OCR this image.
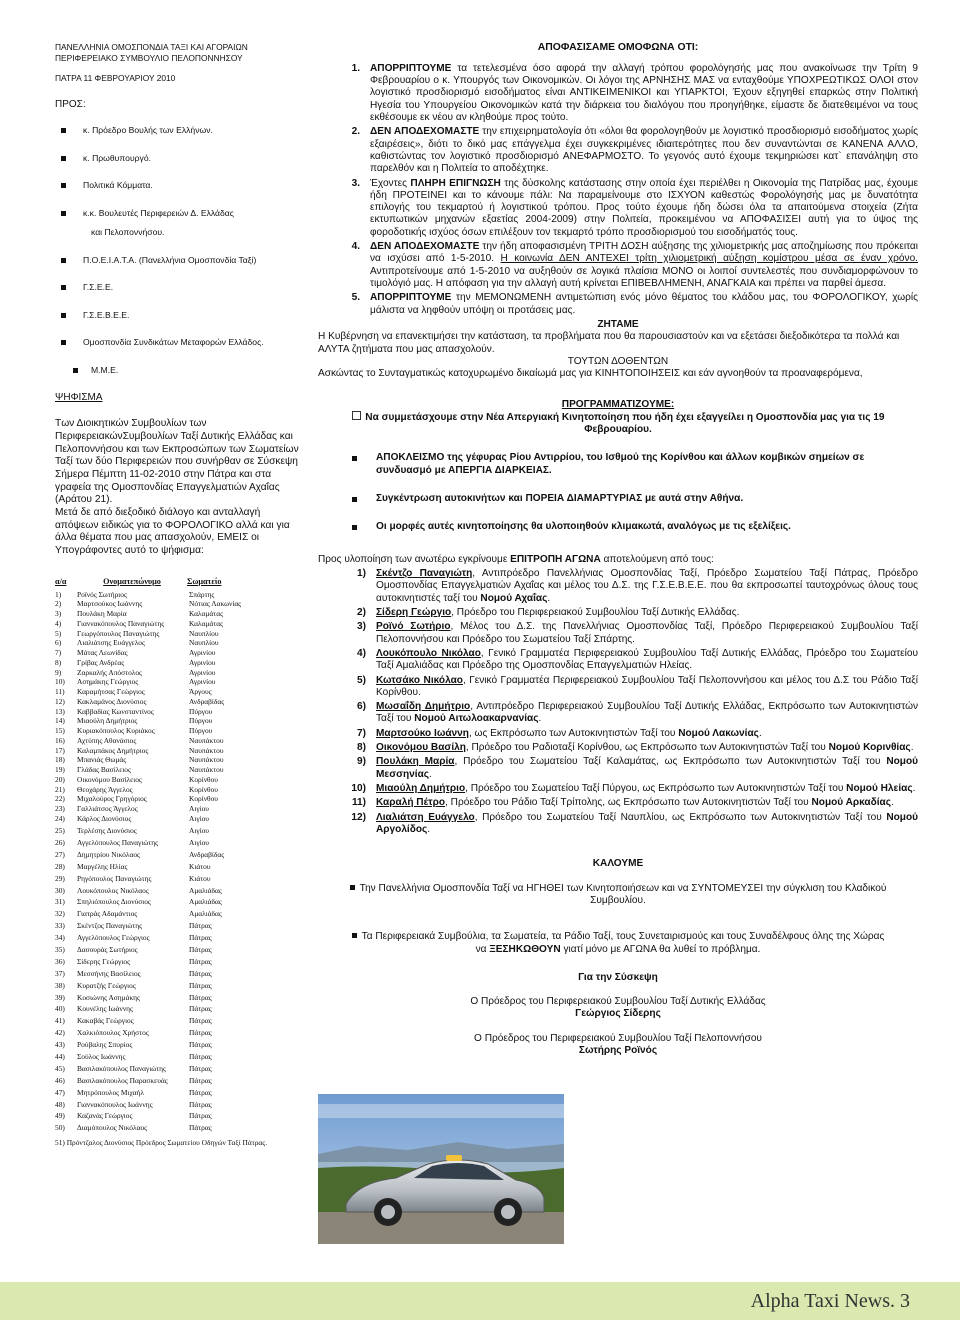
ΠΑΝΕΛΛΗΝΙΑ ΟΜΟΣΠΟΝΔΙΑ ΤΑΞΙ ΚΑΙ ΑΓΟΡΑΙΩΝ
ΠΕΡΙΦΕΡΕΙΑΚΟ ΣΥΜΒΟΥΛΙΟ ΠΕΛΟΠΟΝΝΗΣΟΥ
ΠΑΤΡΑ 11 ΦΕΒΡΟΥΑΡΙΟΥ 2010
ΠΡΟΣ:
κ. Πρόεδρο Βουλής των Ελλήνων.
κ. Πρωθυπουργό.
Πολιτικά Κόμματα.
κ.κ. Βουλευτές Περιφερειών Δ. Ελλάδας
και Πελοποννήσου.
Π.Ο.Ε.Ι.Α.Τ.Α. (Πανελλήνια Ομοσπονδία Ταξί)
Γ.Σ.Ε.Ε.
Γ.Σ.Ε.Β.Ε.Ε.
Ομοσπονδία Συνδικάτων Μεταφορών Ελλάδος.
Μ.Μ.Ε.
ΨΗΦΙΣΜΑ
Των Διοικητικών Συμβουλίων των ΠεριφερειακώνΣυμβουλίων Ταξί Δυτικής Ελλάδας και Πελοποννήσου και των Εκπροσώπων των Σωματείων Ταξί των δύο Περιφερειών που συνήρθαν σε Σύσκεψη Σήμερα Πέμπτη 11-02-2010 στην Πάτρα και στα γραφεία της Ομοσπονδίας Επαγγελματιών Αχαΐας (Αράτου 21).
Μετά δε από διεξοδικό διάλογο και ανταλλαγή απόψεων ειδικώς για το ΦΟΡΟΛΟΓΙΚΟ αλλά και για άλλα θέματα που μας απασχολούν, ΕΜΕΙΣ οι Υπογράφοντες αυτό το ψήφισμα:
α/α	Ονοματεπώνυμο	Σωματείο
1)	Ροϊνός Σωτήριος	Σπάρτης
2)	Μαρτσούκος Ιωάννης	Νότιας Λακωνίας
3)	Πουλάκη Μαρία	Καλαμάτας
4)	Γιαννακόπουλος Παναγιώτης	Καλαμάτας
5)	Γεωργόπουλος Παναγιώτης	Ναυπλίου
6)	Λιαλιάτσης Ευάγγελος	Ναυπλίου
7)	Μάτας Λεωνίδας	Αγρινίου
8)	Γρίβας Ανδρέας	Αγρινίου
9)	Ζαρκαλής Απόστολος	Αγρινίου
10)	Ασημάκης Γεώργιος	Αγρινίου
11)	Καραμήτσας Γεώργιος	Άργους
12)	Κακλαμάνος Διονύσιος	Ανδραβίδας
13)	Καββαδίας Κωνσταντίνος	Πύργου
14)	Μιαούλη Δημήτριος	Πύργου
15)	Κυριακόπουλος Κυριάκος	Πύργου
16)	Αχτύπης Αθανάσιος	Ναυπάκτου
17)	Καλαμπάκος Δημήτριος	Ναυπάκτου
18)	Μπανιάς Θωμάς	Ναυπάκτου
19)	Γλάδας Βασίλειος	Ναυπάκτου
20)	Οικονόμου Βασίλειος	Κορίνθου
21)	Θεοχάρης Άγγελος	Κορίνθου
22)	Μιχαλούρος Γρηγόριος	Κορίνθου
23)	Γαλλιάτσος Άγγελος	Αιγίου
24)	Κάρλος Διονύσιος	Αιγίου
25)	Τερλέσης Διονύσιος	Αιγίου
26)	Αγγελόπουλος Παναγιώτης	Αιγίου
27)	Δημητρίου Νικόλαος	Ανδραβίδας
28)	Μαργέλης Ηλίας	Κιάτου
29)	Ρηγόπουλος Παναγιώτης	Κιάτου
30)	Λουκόπουλος Νικόλαος	Αμαλιάδας
31)	Σπηλιόπουλος Διονύσιος	Αμαλιάδας
32)	Γιατράς Αδαμάντιος	Αμαλιάδας
33)	Σκέντζος Παναγιώτης	Πάτρας
34)	Αγγελόπουλος Γεώργιος	Πάτρας
35)	Δασουράς Σωτήριος	Πάτρας
36)	Σίδερης Γεώργιος	Πάτρας
37)	Μεσσήνης Βασίλειος	Πάτρας
38)	Κυρατζής Γεώργιος	Πάτρας
39)	Κοσιώνης Ασημάκης	Πάτρας
40)	Κουνέλης Ιωάννης	Πάτρας
41)	Κακαβάς Γεώργιος	Πάτρας
42)	Χαλκιόπουλος Χρήστος	Πάτρας
43)	Ρούβαλης Σπυρίος	Πάτρας
44)	Σούλος Ιωάννης	Πάτρας
45)	Βασιλακόπουλος Παναγιώτης	Πάτρας
46)	Βασιλακόπουλος Παρασκευάς	Πάτρας
47)	Μητρόπουλος Μιχαήλ	Πάτρας
48)	Γιαννακόπουλος Ιωάννης	Πάτρας
49)	Καζανάς Γεώργιος	Πάτρας
50)	Διαμόπουλος Νικόλαος	Πάτρας
51) Πρόντζαλος Διονύσιος Πρόεδρος Σωματείου Οδηγών Ταξί Πάτρας.
ΑΠΟΦΑΣΙΣΑΜΕ ΟΜΟΦΩΝΑ ΟΤΙ:
1. ΑΠΟΡΡΙΠΤΟΥΜΕ τα τετελεσμένα όσο αφορά την αλλαγή τρόπου φορολόγησής μας που ανακοίνωσε την Τρίτη 9 Φεβρουαρίου ο κ. Υπουργός των Οικονομικών. Οι λόγοι της ΑΡΝΗΣΗΣ ΜΑΣ να ενταχθούμε ΥΠΟΧΡΕΩΤΙΚΩΣ ΟΛΟΙ στον λογιστικό προσδιορισμό εισοδήματος είναι ΑΝΤΙΚΕΙΜΕΝΙΚΟΙ και ΥΠΑΡΚΤΟΙ, Έχουν εξηγηθεί επαρκώς στην Πολιτική Ηγεσία του Υπουργείου Οικονομικών κατά την διάρκεια του διαλόγου που προηγήθηκε, είμαστε δε διατεθειμένοι να τους εκθέσουμε εκ νέου αν κληθούμε προς τούτο.
2. ΔΕΝ ΑΠΟΔΕΧΟΜΑΣΤΕ την επιχειρηματολογία ότι «όλοι θα φορολογηθούν με λογιστικό προσδιορισμό εισοδήματος χωρίς εξαιρέσεις», διότι το δικό μας επάγγελμα έχει συγκεκριμένες ιδιαιτερότητες που δεν συναντώνται σε ΚΑΝΕΝΑ ΑΛΛΟ, καθιστώντας τον λογιστικό προσδιορισμό ΑΝΕΦΑΡΜΟΣΤΟ. Το γεγονός αυτό έχουμε τεκμηριώσει κατ` επανάληψη στο παρελθόν και η Πολιτεία το αποδέχτηκε.
3. Έχοντες ΠΛΗΡΗ ΕΠΙΓΝΩΣΗ της δύσκολης κατάστασης στην οποία έχει περιέλθει η Οικονομία της Πατρίδας μας, έχουμε ήδη ΠΡΟΤΕΙΝΕΙ και το κάνουμε πάλι: Να παραμείνουμε στο ΙΣΧΥΟΝ καθεστώς Φορολόγησής μας με δυνατότητα επιλογής του τεκμαρτού ή λογιστικού τρόπου. Προς τούτο έχουμε ήδη δώσει όλα τα απαιτούμενα στοιχεία (Ζήτα εκτυπωτικών μηχανών εξαετίας 2004-2009) στην Πολιτεία, προκειμένου να ΑΠΟΦΑΣΙΣΕΙ αυτή για το ύψος της φοροδοτικής ισχύος όσων επιλέξουν τον τεκμαρτό τρόπο προσδιορισμού του εισοδήματός τους.
4. ΔΕΝ ΑΠΟΔΕΧΟΜΑΣΤΕ την ήδη αποφασισμένη ΤΡΙΤΗ ΔΟΣΗ αύξησης της χιλιομετρικής μας αποζημίωσης που πρόκειται να ισχύσει από 1-5-2010. Η κοινωνία ΔΕΝ ΑΝΤΕΧΕΙ τρίτη χιλιομετρική αύξηση κομίστρου μέσα σε έναν χρόνο. Αντιπροτείνουμε από 1-5-2010 να αυξηθούν σε λογικά πλαίσια ΜΟΝΟ οι λοιποί συντελεστές που συνδιαμορφώνουν το τιμολόγιό μας. Η απόφαση για την αλλαγή αυτή κρίνεται ΕΠΙΒΕΒΛΗΜΕΝΗ, ΑΝΑΓΚΑΙΑ και πρέπει να παρθεί άμεσα.
5. ΑΠΟΡΡΙΠΤΟΥΜΕ την ΜΕΜΟΝΩΜΕΝΗ αντιμετώπιση ενός μόνο θέματος του κλάδου μας, του ΦΟΡΟΛΟΓΙΚΟΥ, χωρίς μάλιστα να ληφθούν υπόψη οι προτάσεις μας.
ΖΗΤΑΜΕ
Η Κυβέρνηση να επανεκτιμήσει την κατάσταση, τα προβλήματα που θα παρουσιαστούν και να εξετάσει διεξοδικότερα τα πολλά και ΑΛΥΤΑ ζητήματα που μας απασχολούν.
ΤΟΥΤΩΝ ΔΟΘΕΝΤΩΝ
Ασκώντας το Συνταγματικώς κατοχυρωμένο δικαίωμά μας για ΚΙΝΗΤΟΠΟΙΗΣΕΙΣ και εάν αγνοηθούν τα προαναφερόμενα,
ΠΡΟΓΡΑΜΜΑΤΙΖΟΥΜΕ:
Να συμμετάσχουμε στην Νέα Απεργιακή Κινητοποίηση που ήδη έχει εξαγγείλει η Ομοσπονδία μας για τις 19 Φεβρουαρίου.
ΑΠΟΚΛΕΙΣΜΟ της γέφυρας Ρίου Αντιρρίου, του Ισθμού της Κορίνθου και άλλων κομβικών σημείων σε συνδυασμό με ΑΠΕΡΓΙΑ ΔΙΑΡΚΕΙΑΣ.
Συγκέντρωση αυτοκινήτων και ΠΟΡΕΙΑ ΔΙΑΜΑΡΤΥΡΙΑΣ με αυτά στην Αθήνα.
Οι μορφές αυτές κινητοποίησης θα υλοποιηθούν κλιμακωτά, αναλόγως με τις εξελίξεις.
Προς υλοποίηση των ανωτέρω εγκρίνουμε ΕΠΙΤΡΟΠΗ ΑΓΩΝΑ αποτελούμενη από τους:
1) Σκέντζο Παναγιώτη, Αντιπρόεδρο Πανελλήνιας Ομοσπονδίας Ταξί, Πρόεδρο Σωματείου Ταξί Πάτρας, Πρόεδρο Ομοσπονδίας Επαγγελματιών Αχαΐας και μέλος του Δ.Σ. της Γ.Σ.Ε.Β.Ε.Ε. που θα εκπροσωπεί ταυτοχρόνως όλους τους αυτοκινητιστές ταξί του Νομού Αχαΐας.
2) Σίδερη Γεώργιο, Πρόεδρο του Περιφερειακού Συμβουλίου Ταξί Δυτικής Ελλάδας.
3) Ροϊνό Σωτήριο, Μέλος του Δ.Σ. της Πανελλήνιας Ομοσπονδίας Ταξί, Πρόεδρο Περιφερειακού Συμβουλίου Ταξί Πελοποννήσου και Πρόεδρο του Σωματείου Ταξί Σπάρτης.
4) Λουκόπουλο Νικόλαο, Γενικό Γραμματέα Περιφερειακού Συμβουλίου Ταξί Δυτικής Ελλάδας, Πρόεδρο του Σωματείου Ταξί Αμαλιάδας και Πρόεδρο της Ομοσπονδίας Επαγγελματιών Ηλείας.
5) Κωτσάκο Νικόλαο, Γενικό Γραμματέα Περιφερειακού Συμβουλίου Ταξί Πελοποννήσου και μέλος του Δ.Σ του Ράδιο Ταξί Κορίνθου.
6) Μωσαΐδη Δημήτριο, Αντιπρόεδρο Περιφερειακού Συμβουλίου Ταξί Δυτικής Ελλάδας, Εκπρόσωπο των Αυτοκινητιστών Ταξί του Νομού Αιτωλοακαρνανίας.
7) Μαρτσούκο Ιωάννη, ως Εκπρόσωπο των Αυτοκινητιστών Ταξί του Νομού Λακωνίας.
8) Οικονόμου Βασίλη, Πρόεδρο του Ραδιοταξί Κορίνθου, ως Εκπρόσωπο των Αυτοκινητιστών Ταξί του Νομού Κορινθίας.
9) Πουλάκη Μαρία, Πρόεδρο του Σωματείου Ταξί Καλαμάτας, ως Εκπρόσωπο των Αυτοκινητιστών Ταξί του Νομού Μεσσηνίας.
10) Μιαούλη Δημήτριο, Πρόεδρο του Σωματείου Ταξί Πύργου, ως Εκπρόσωπο των Αυτοκινητιστών Ταξί του Νομού Ηλείας.
11) Καραλή Πέτρο, Πρόεδρο του Ράδιο Ταξί Τρίπολης, ως Εκπρόσωπο των Αυτοκινητιστών Ταξί του Νομού Αρκαδίας.
12) Λιαλιάτση Ευάγγελο, Πρόεδρο του Σωματείου Ταξί Ναυπλίου, ως Εκπρόσωπο των Αυτοκινητιστών Ταξί του Νομού Αργολίδος.
ΚΑΛΟΥΜΕ
Την Πανελλήνια Ομοσπονδία Ταξί να ΗΓΗΘΕΙ των Κινητοποιήσεων και να ΣΥΝΤΟΜΕΥΣΕΙ την σύγκλιση του Κλαδικού Συμβουλίου.
Τα Περιφερειακά Συμβούλια, τα Σωματεία, τα Ράδιο Ταξί, τους Συνεταιρισμούς και τους Συναδέλφους όλης της Χώρας να ΞΕΣΗΚΩΘΟΥΝ γιατί μόνο με ΑΓΩΝΑ θα λυθεί το πρόβλημα.
Για την Σύσκεψη
Ο Πρόεδρος του Περιφερειακού Συμβουλίου Ταξί Δυτικής Ελλάδας
Γεώργιος Σίδερης
Ο Πρόεδρος του Περιφερειακού Συμβουλίου Ταξί Πελοποννήσου
Σωτήρης Ροϊνός
Alpha Taxi News. 3
